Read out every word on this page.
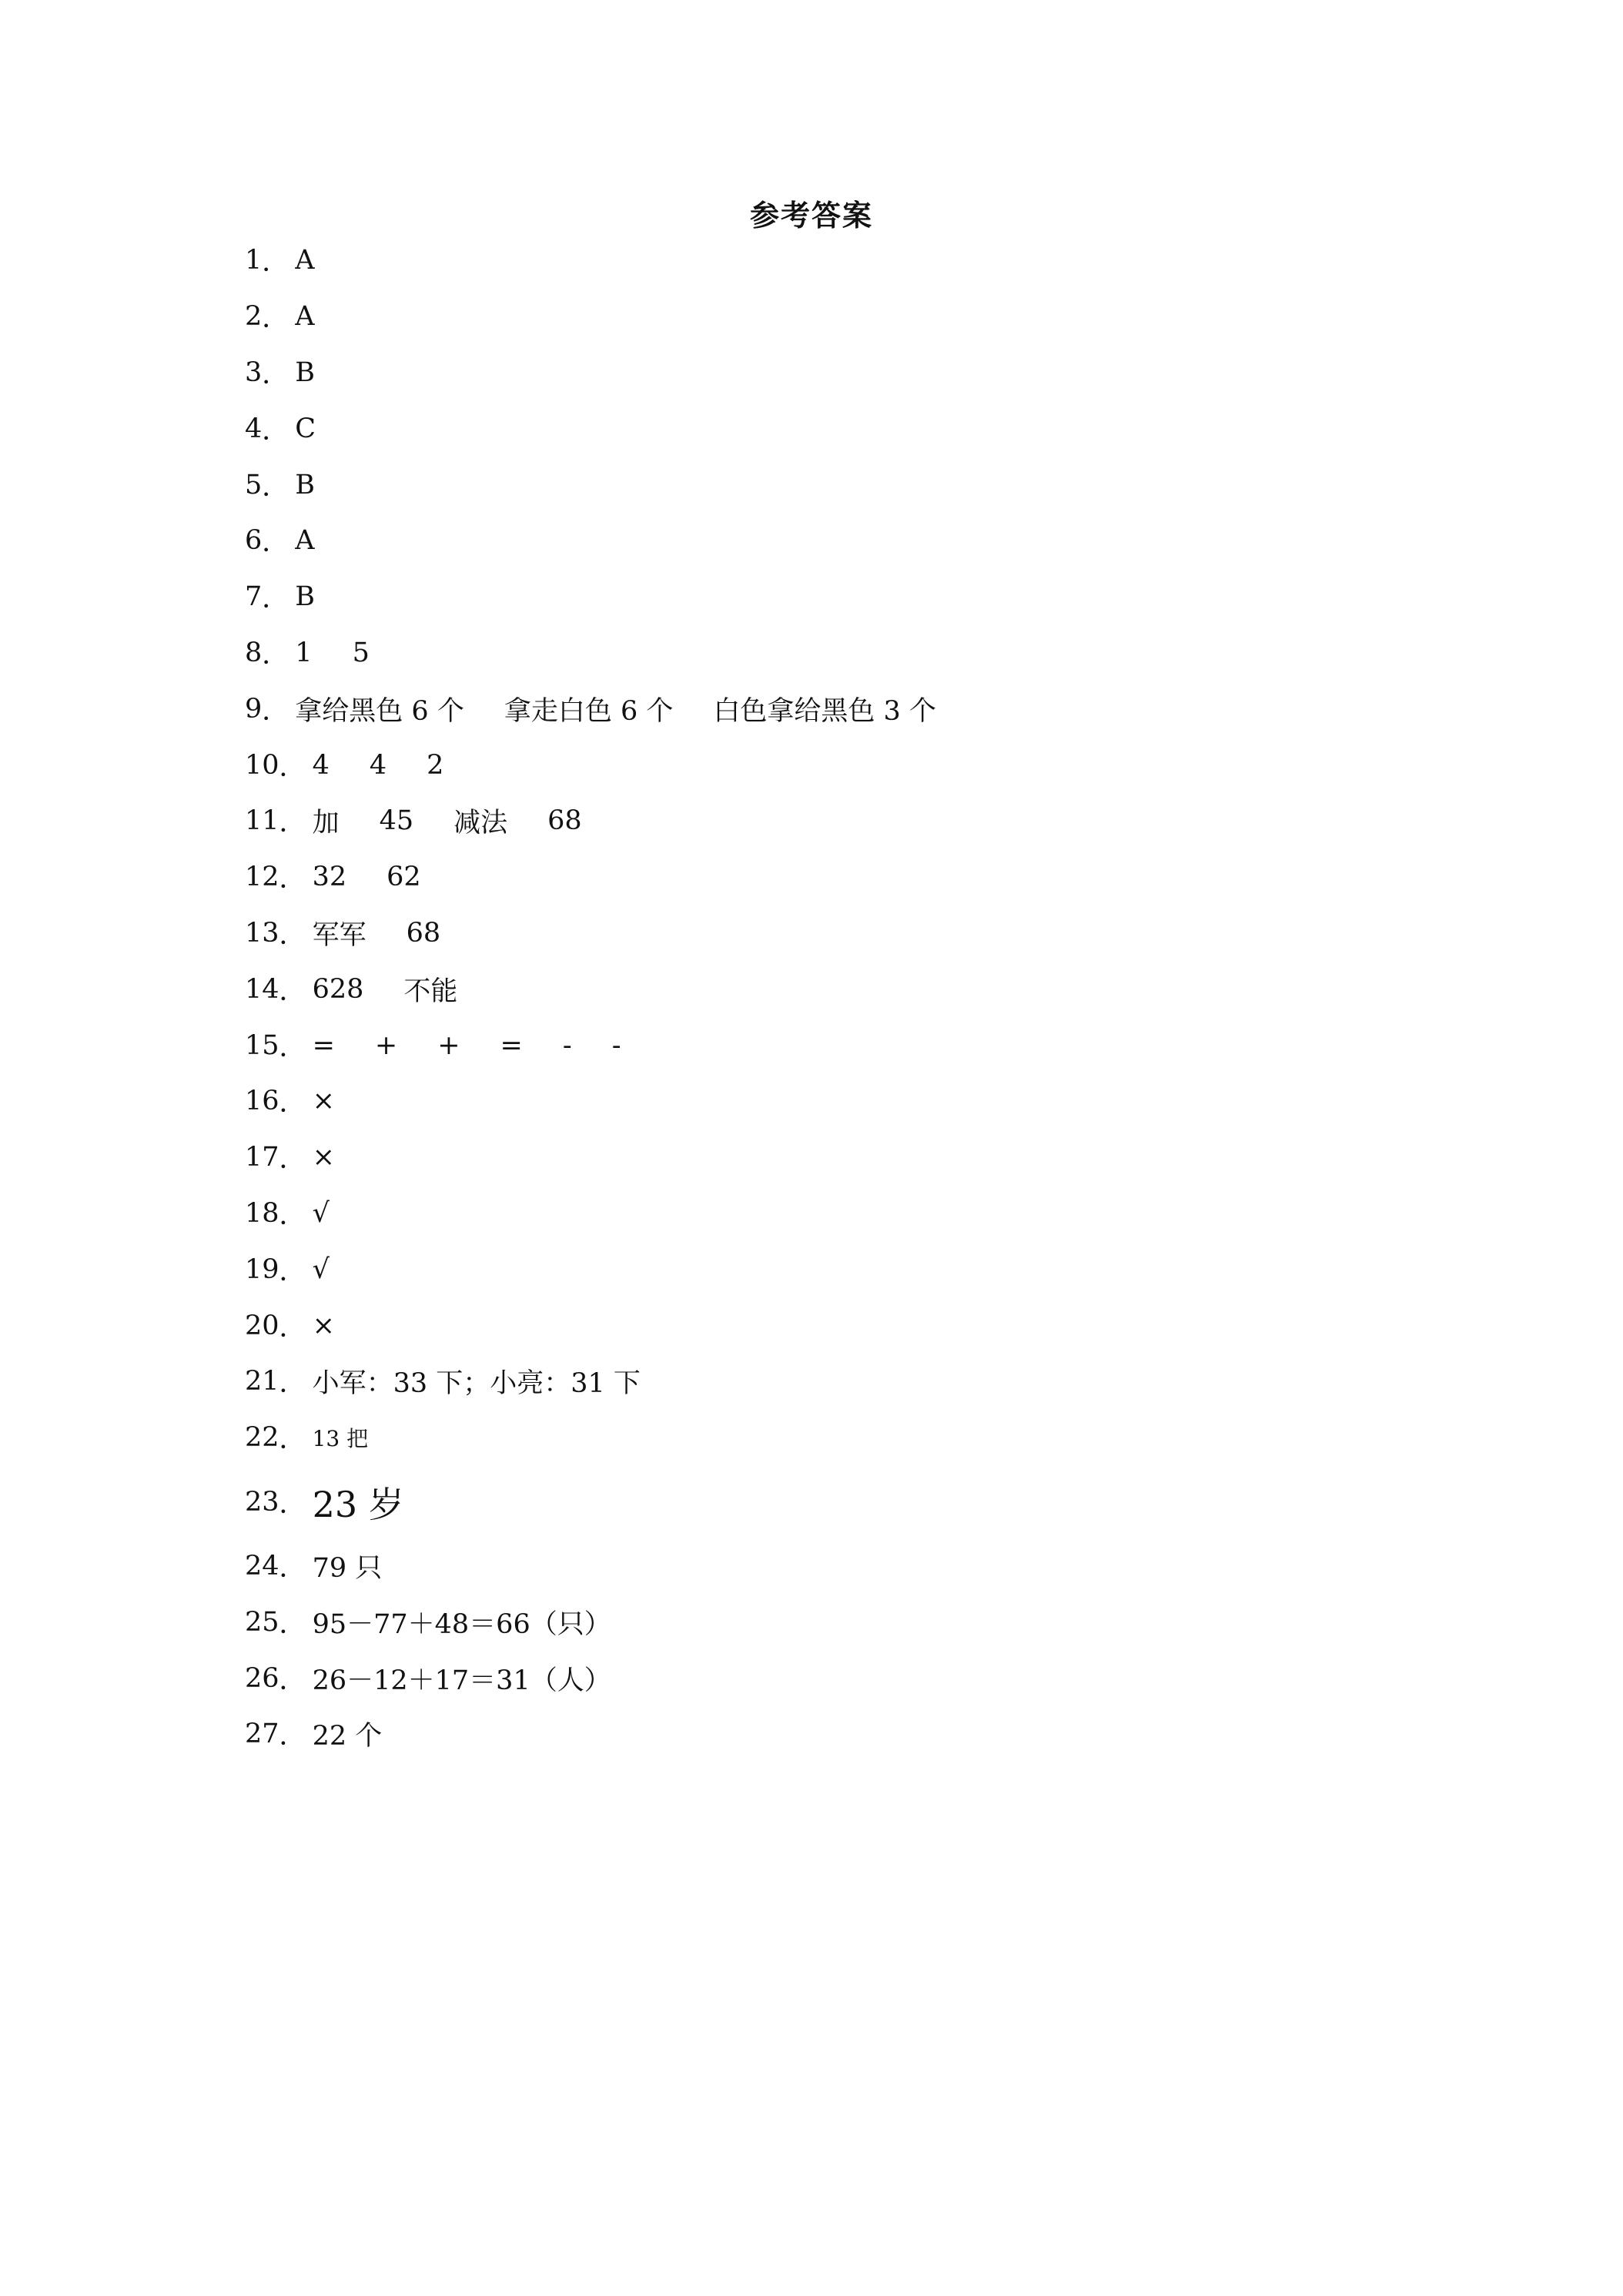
参考答案
1 ． A
2 ． A
3 ． B
4 ． C
5 ． B
6 ． A
7 ． B
8 ． 1 5
9 ． 拿给黑色 6 个 拿走白色 6 个 白色拿给黑色 3 个
10 ． 4 4 2
11 ． 加 45 减法 68
12 ． 32 62
13 ． 军军 68
14 ． 628 不能
15 ． = + + = - -
16 ． ×
17 ． ×
18 ． √
19 ． √
20 ． ×
21 ． 小军：33 下；小亮：31 下
22 ． 13 把
23 ． 23 岁
24 ． 79 只
25 ． 95－77＋48＝66（只）
26 ． 26－12＋17＝31（人）
27 ． 22 个
